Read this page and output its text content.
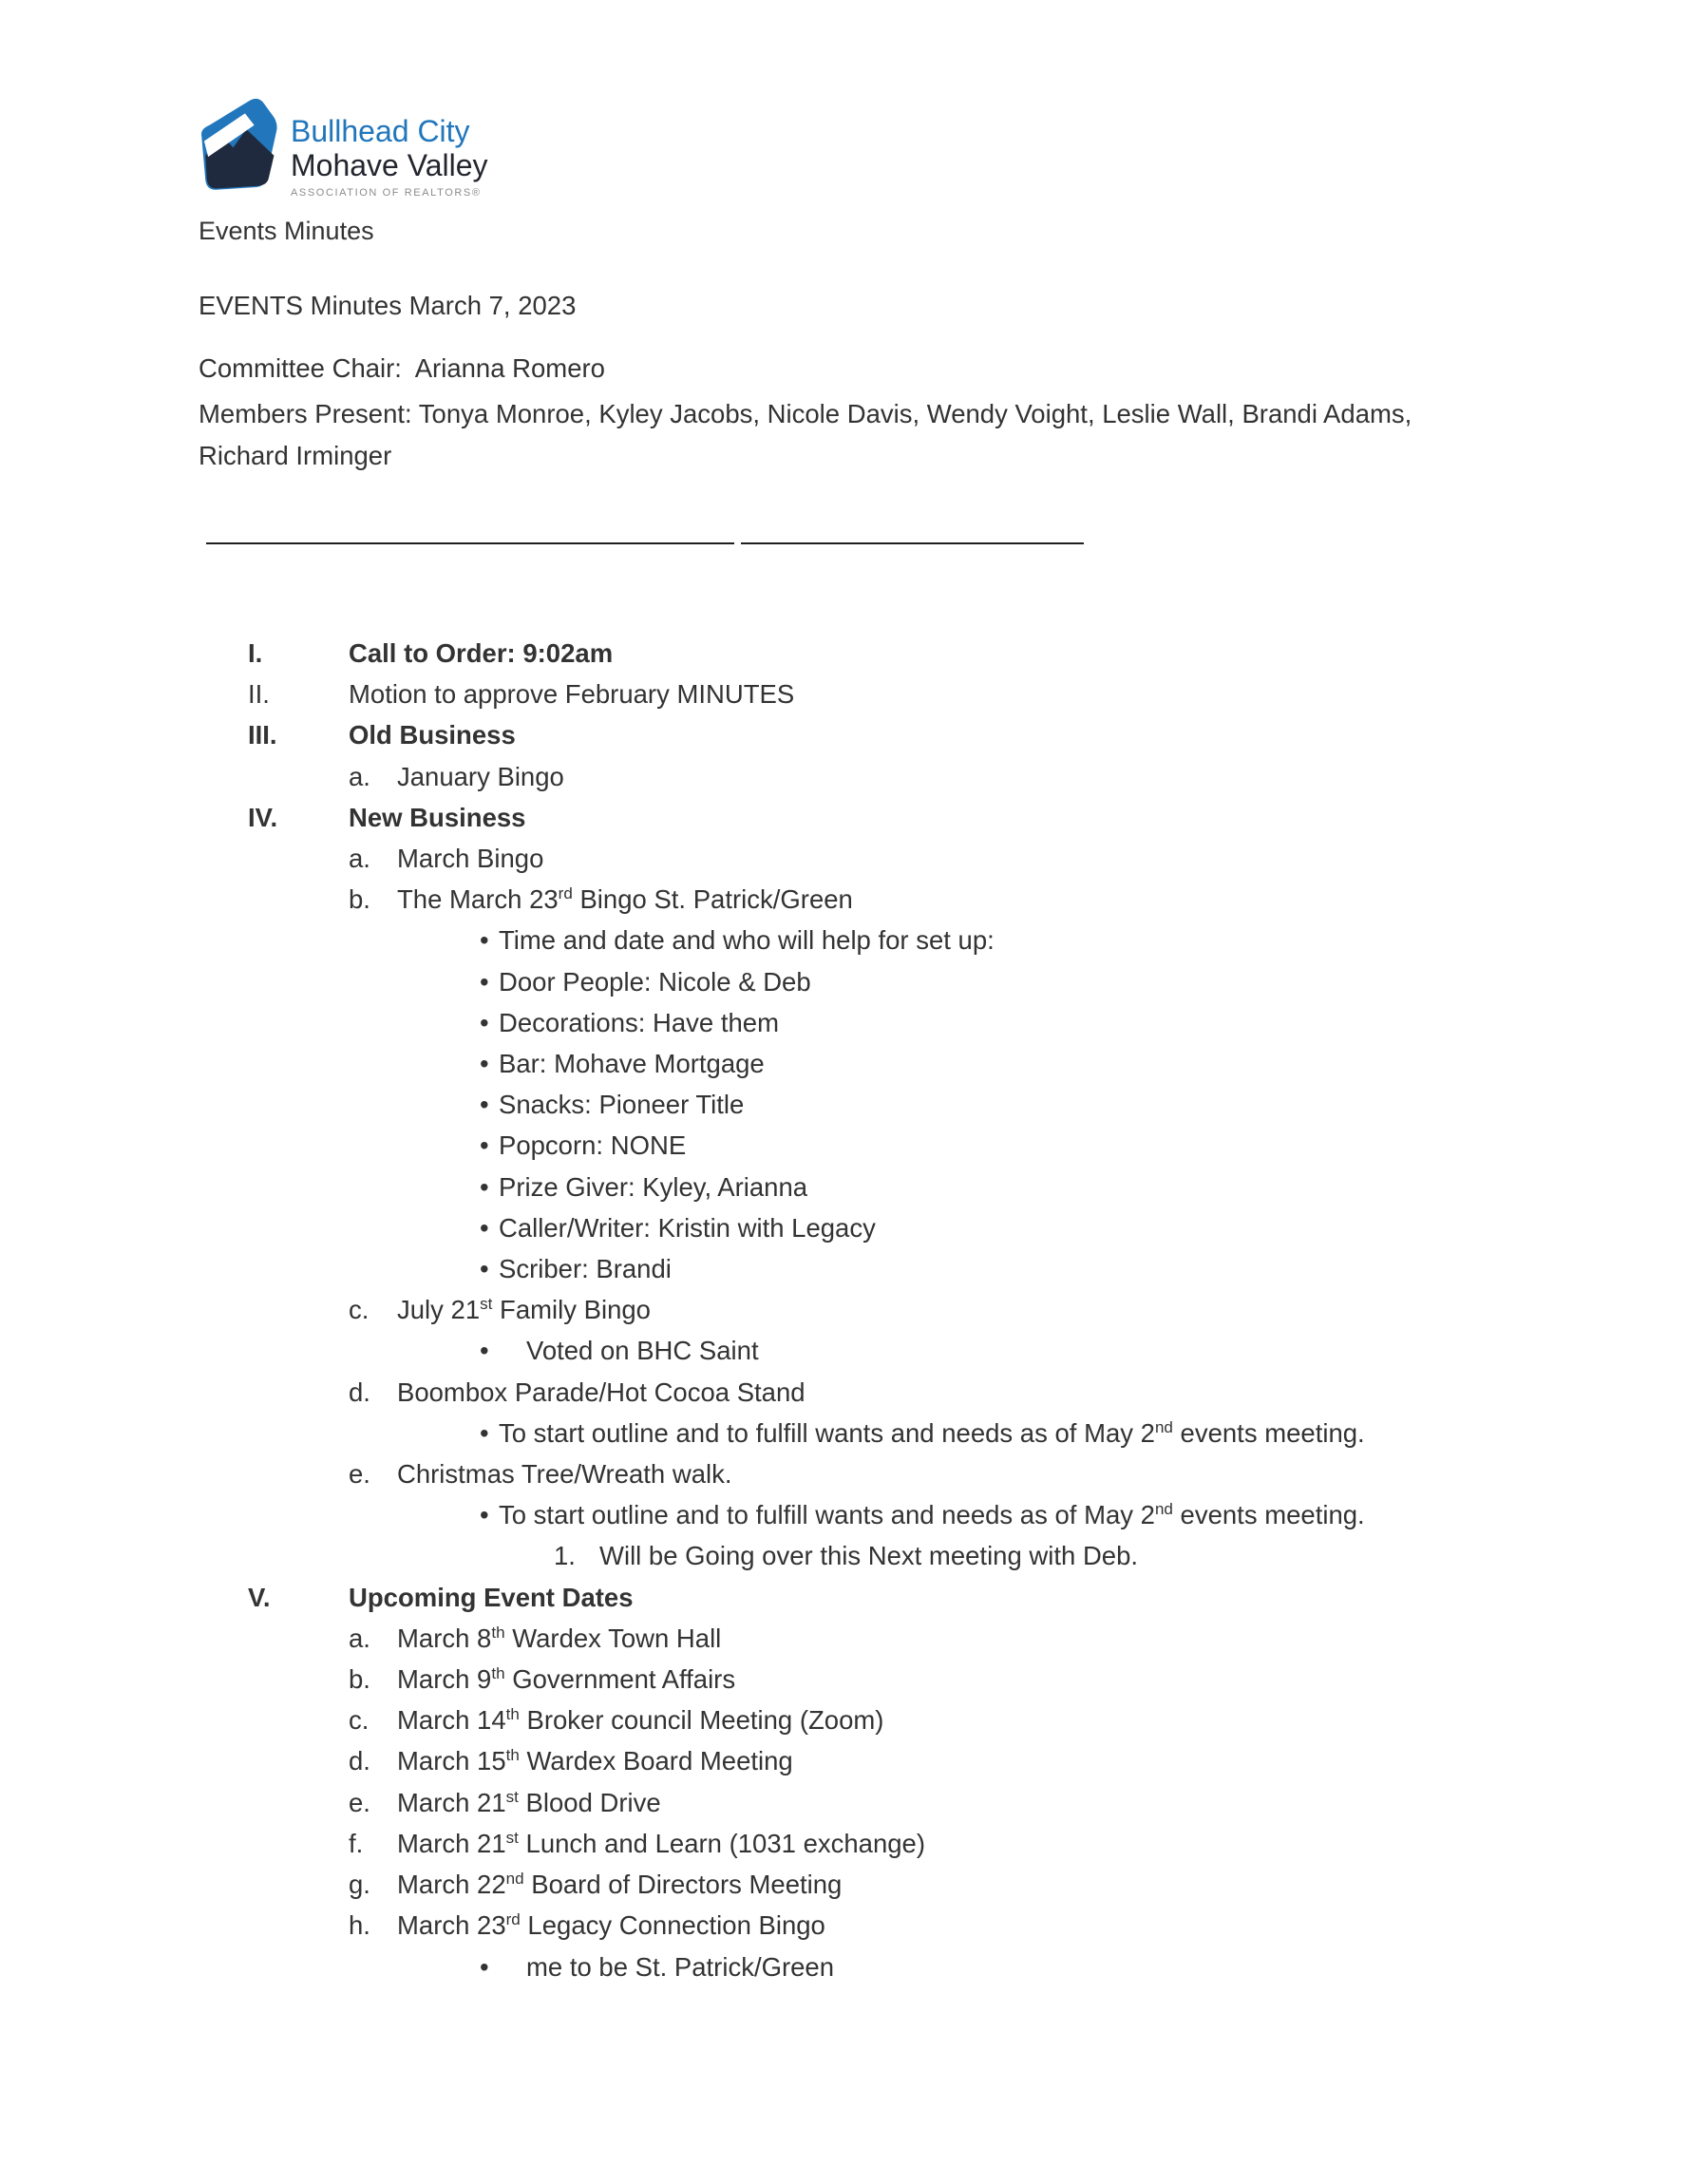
Bullhead City
Mohave Valley
ASSOCIATION OF REALTORS®
Events Minutes
EVENTS Minutes March 7, 2023
Committee Chair:  Arianna Romero
Members Present: Tonya Monroe, Kyley Jacobs, Nicole Davis, Wendy Voight, Leslie Wall, Brandi Adams,
Richard Irminger
I.	Call to Order: 9:02am
II.	Motion to approve February MINUTES
III.	Old Business
a.	January Bingo
IV.	New Business
a.	March Bingo
b.	The March 23rd Bingo St. Patrick/Green
• Time and date and who will help for set up:
• Door People: Nicole & Deb
• Decorations: Have them
• Bar: Mohave Mortgage
• Snacks: Pioneer Title
• Popcorn: NONE
• Prize Giver: Kyley, Arianna
• Caller/Writer: Kristin with Legacy
• Scriber: Brandi
c.	July 21st Family Bingo
•	Voted on BHC Saint
d.	Boombox Parade/Hot Cocoa Stand
• To start outline and to fulfill wants and needs as of May 2nd events meeting.
e.	Christmas Tree/Wreath walk.
• To start outline and to fulfill wants and needs as of May 2nd events meeting.
1. Will be Going over this Next meeting with Deb.
V.	Upcoming Event Dates
a.	March 8th Wardex Town Hall
b.	March 9th Government Affairs
c.	March 14th Broker council Meeting (Zoom)
d.	March 15th Wardex Board Meeting
e.	March 21st Blood Drive
f.	March 21st Lunch and Learn (1031 exchange)
g.	March 22nd Board of Directors Meeting
h.	March 23rd Legacy Connection Bingo
•	me to be St. Patrick/Green
